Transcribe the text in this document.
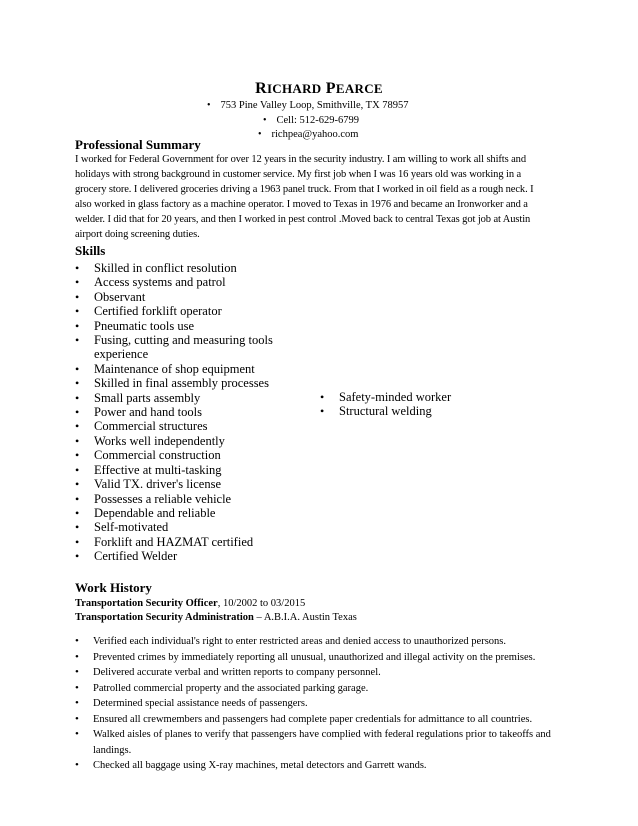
RICHARD PEARCE
• 753 Pine Valley Loop, Smithville, TX 78957
• Cell: 512-629-6799
• richpea@yahoo.com
Professional Summary

I worked for Federal Government for over 12 years in the security industry. I am willing to work all shifts and holidays with strong background in customer service. My first job when I was 16 years old was working in a grocery store. I delivered groceries driving a 1963 panel truck. From that I worked in oil field as a rough neck. I also worked in glass factory as a machine operator. I moved to Texas in 1976 and became an Ironworker and a welder. I did that for 20 years, and then I worked in pest control .Moved back to central Texas got job at Austin airport doing screening duties.

Skills
• Skilled in conflict resolution
• Access systems and patrol
• Observant
• Certified forklift operator
• Pneumatic tools use
• Fusing, cutting and measuring tools experience
• Maintenance of shop equipment
• Skilled in final assembly processes
• Small parts assembly
• Power and hand tools
• Commercial structures
• Works well independently
• Commercial construction
• Effective at multi-tasking
• Valid TX. driver's license
• Possesses a reliable vehicle
• Dependable and reliable
• Self-motivated
• Forklift and HAZMAT certified
• Certified Welder
• Safety-minded worker
• Structural welding
Work History

Transportation Security Officer, 10/2002 to 03/2015

Transportation Security Administration – A.B.I.A. Austin Texas

• Verified each individual's right to enter restricted areas and denied access to unauthorized persons.
• Prevented crimes by immediately reporting all unusual, unauthorized and illegal activity on the premises.
• Delivered accurate verbal and written reports to company personnel.
• Patrolled commercial property and the associated parking garage.
• Determined special assistance needs of passengers.
• Ensured all crewmembers and passengers had complete paper credentials for admittance to all countries.
• Walked aisles of planes to verify that passengers have complied with federal regulations prior to takeoffs and landings.
• Checked all baggage using X-ray machines, metal detectors and Garrett wands.
